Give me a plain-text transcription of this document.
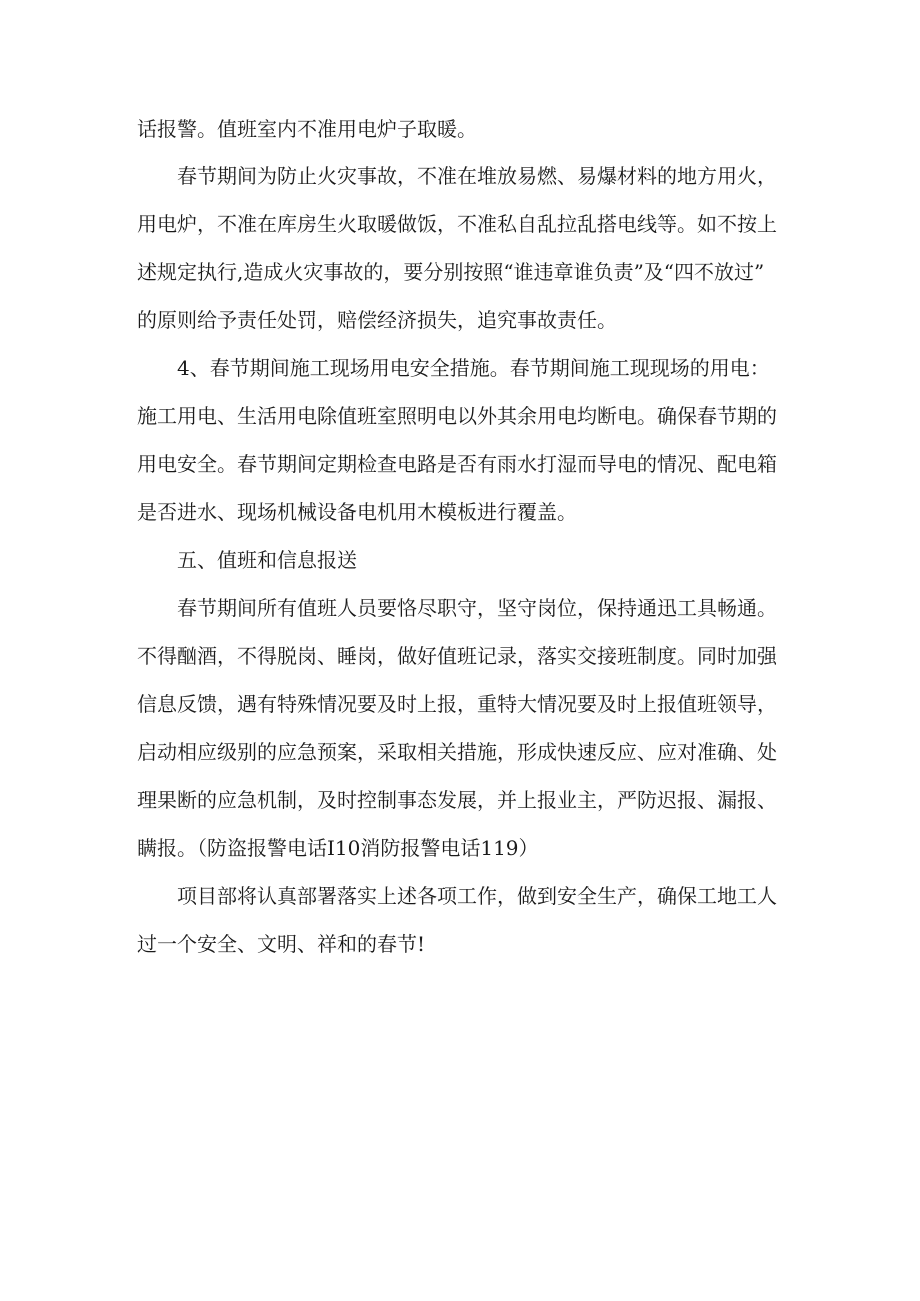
话报警。值班室内不准用电炉子取暖。
春节期间为防止火灾事故，不准在堆放易燃、易爆材料的地方用火，
用电炉，不准在库房生火取暖做饭，不准私自乱拉乱搭电线等。如不按上
述规定执行,造成火灾事故的，要分别按照“谁违章谁负责”及“四不放过”
的原则给予责任处罚，赔偿经济损失，追究事故责任。
4、春节期间施工现场用电安全措施。春节期间施工现现场的用电：
施工用电、生活用电除值班室照明电以外其余用电均断电。确保春节期的
用电安全。春节期间定期检查电路是否有雨水打湿而导电的情况、配电箱
是否进水、现场机械设备电机用木模板进行覆盖。
五、值班和信息报送
春节期间所有值班人员要恪尽职守，坚守岗位，保持通迅工具畅通。
不得酗酒，不得脱岗、睡岗，做好值班记录，落实交接班制度。同时加强
信息反馈，遇有特殊情况要及时上报，重特大情况要及时上报值班领导，
启动相应级别的应急预案，采取相关措施，形成快速反应、应对准确、处
理果断的应急机制，及时控制事态发展，并上报业主，严防迟报、漏报、
瞒报。（防盗报警电话I10消防报警电话119）
项目部将认真部署落实上述各项工作，做到安全生产，确保工地工人
过一个安全、文明、祥和的春节!
